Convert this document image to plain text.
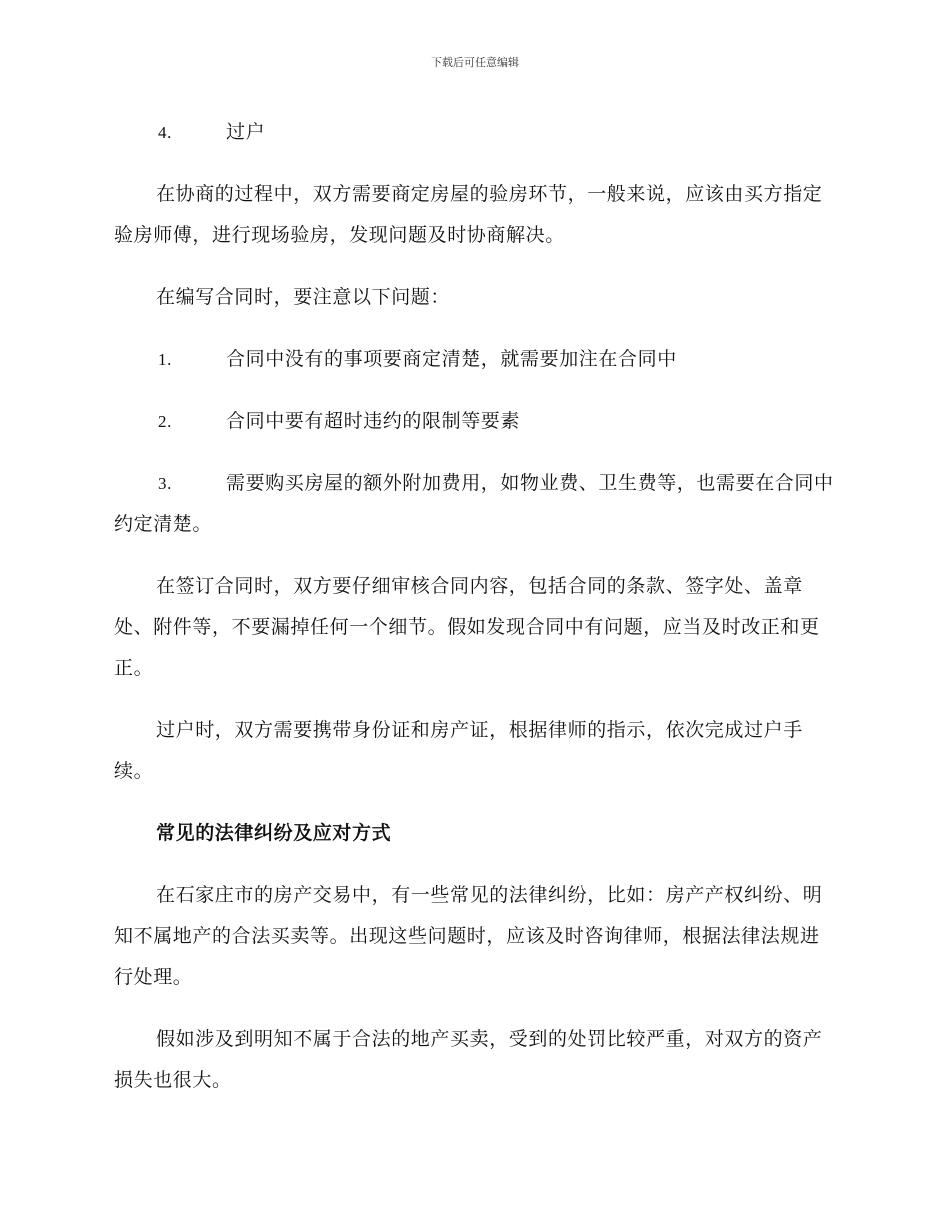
下载后可任意编辑

4.	过户

在协商的过程中，双方需要商定房屋的验房环节，一般来说，应该由买方指定验房师傅，进行现场验房，发现问题及时协商解决。

在编写合同时，要注意以下问题：

1.	合同中没有的事项要商定清楚，就需要加注在合同中

2.	合同中要有超时违约的限制等要素

3.	需要购买房屋的额外附加费用，如物业费、卫生费等，也需要在合同中约定清楚。

在签订合同时，双方要仔细审核合同内容，包括合同的条款、签字处、盖章处、附件等，不要漏掉任何一个细节。假如发现合同中有问题，应当及时改正和更正。

过户时，双方需要携带身份证和房产证，根据律师的指示，依次完成过户手续。

常见的法律纠纷及应对方式

在石家庄市的房产交易中，有一些常见的法律纠纷，比如：房产产权纠纷、明知不属地产的合法买卖等。出现这些问题时，应该及时咨询律师，根据法律法规进行处理。

假如涉及到明知不属于合法的地产买卖，受到的处罚比较严重，对双方的资产损失也很大。
